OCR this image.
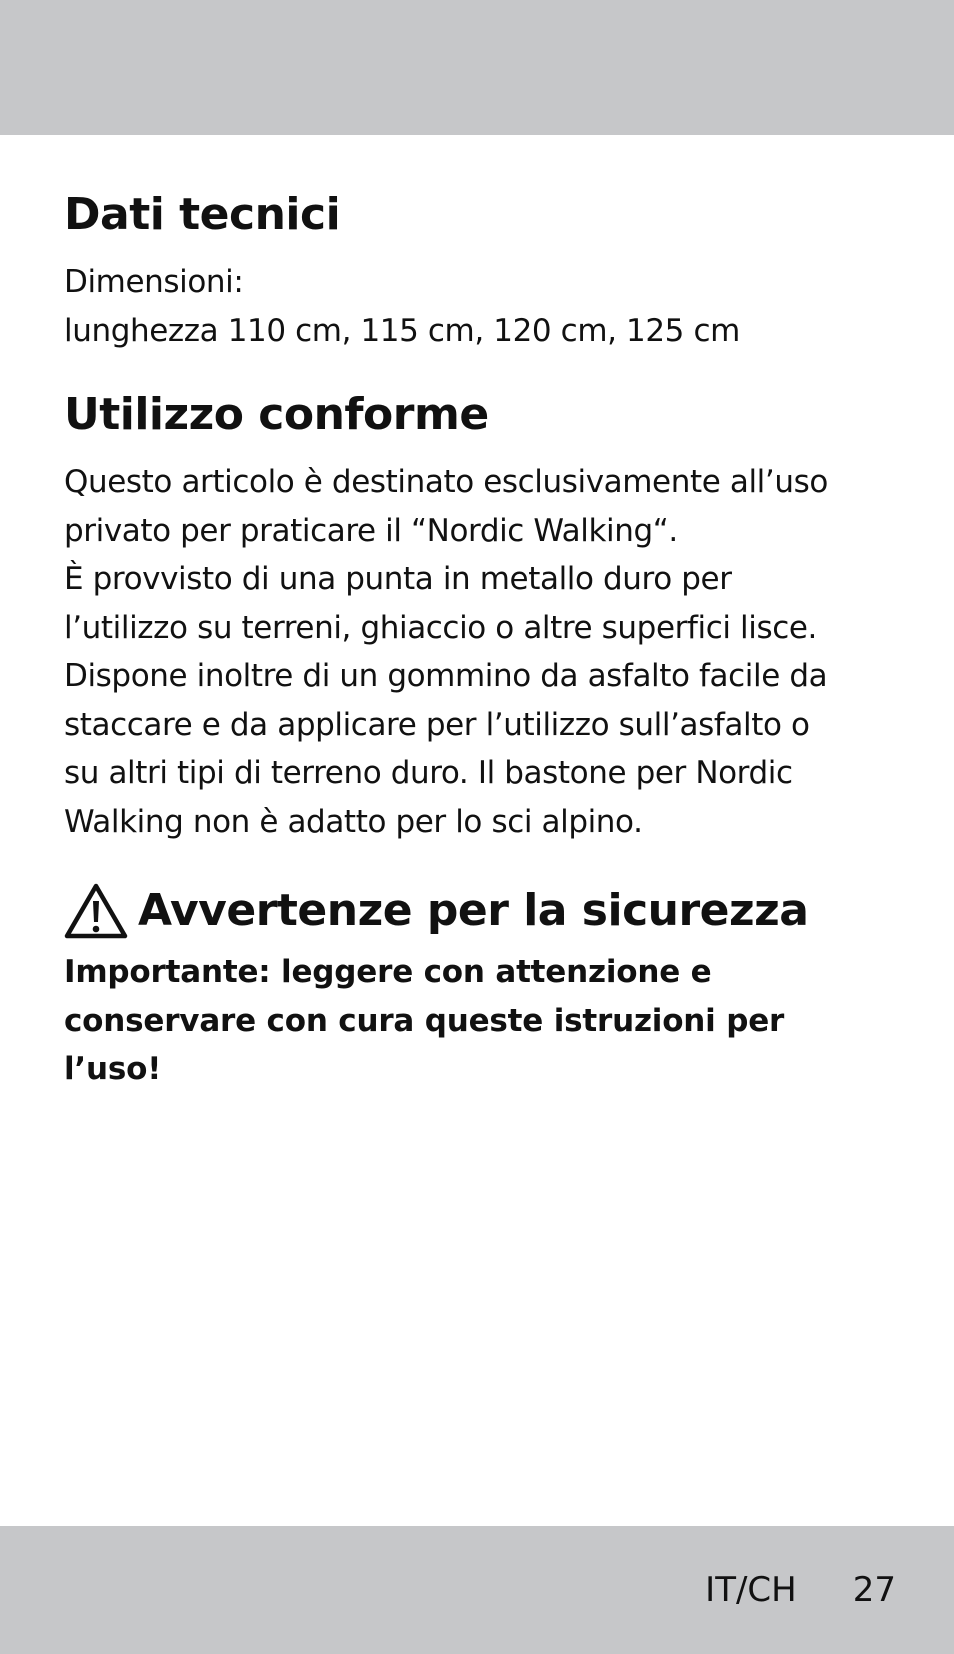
Dati tecnici

Dimensioni:
lunghezza 110 cm, 115 cm, 120 cm, 125 cm

Utilizzo conforme

Questo articolo è destinato esclusivamente all’uso
privato per praticare il “Nordic Walking“.
È provvisto di una punta in metallo duro per
l’utilizzo su terreni, ghiaccio o altre superfici lisce.
Dispone inoltre di un gommino da asfalto facile da
staccare e da applicare per l’utilizzo sull’asfalto o
su altri tipi di terreno duro. Il bastone per Nordic
Walking non è adatto per lo sci alpino.

Avvertenze per la sicurezza

Importante: leggere con attenzione e
conservare con cura queste istruzioni per
l’uso!

IT/CH 27
